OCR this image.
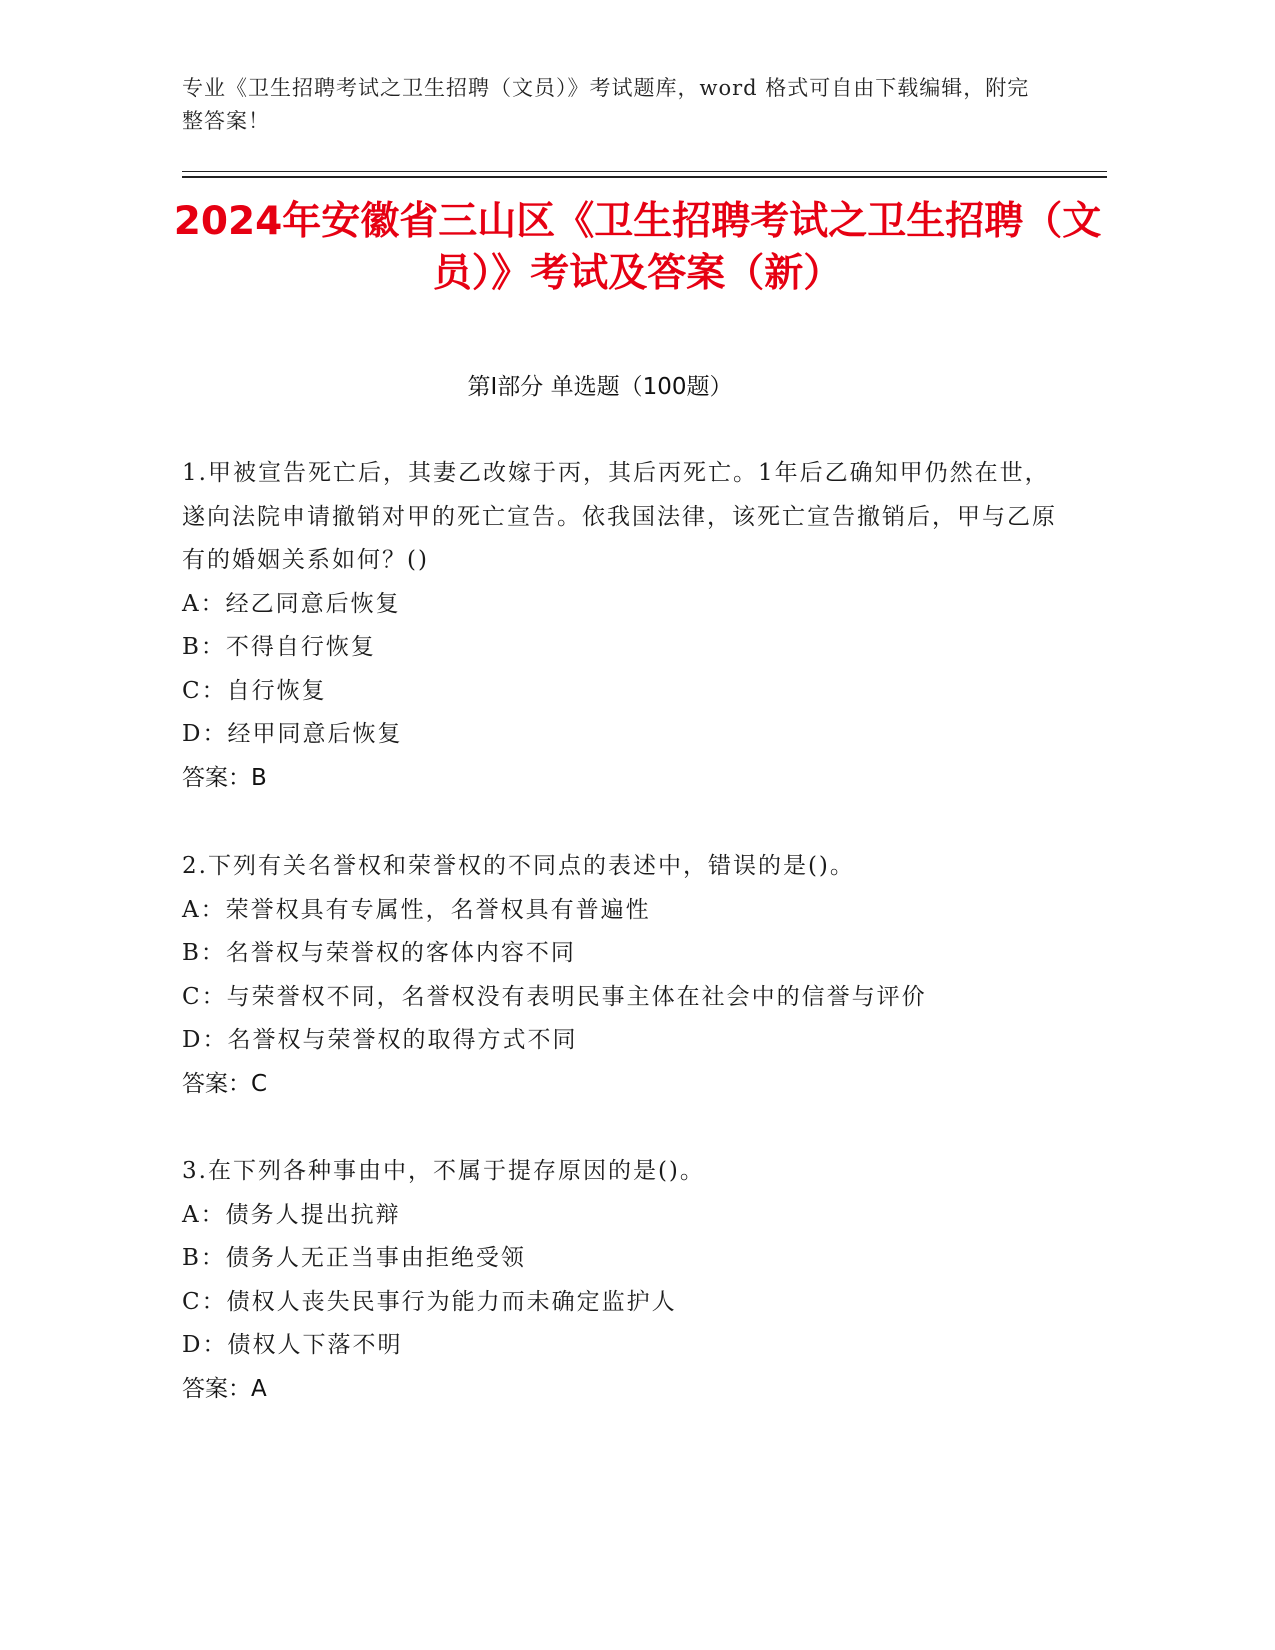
专业《卫生招聘考试之卫生招聘（文员）》考试题库，word 格式可自由下载编辑，附完整答案！
2024年安徽省三山区《卫生招聘考试之卫生招聘（文员）》考试及答案（新）
第Ⅰ部分 单选题（100题）
1.甲被宣告死亡后，其妻乙改嫁于丙，其后丙死亡。1年后乙确知甲仍然在世，遂向法院申请撤销对甲的死亡宣告。依我国法律，该死亡宣告撤销后，甲与乙原有的婚姻关系如何？()
A：经乙同意后恢复
B：不得自行恢复
C：自行恢复
D：经甲同意后恢复
答案：B
2.下列有关名誉权和荣誉权的不同点的表述中，错误的是()。
A：荣誉权具有专属性，名誉权具有普遍性
B：名誉权与荣誉权的客体内容不同
C：与荣誉权不同，名誉权没有表明民事主体在社会中的信誉与评价
D：名誉权与荣誉权的取得方式不同
答案：C
3.在下列各种事由中，不属于提存原因的是()。
A：债务人提出抗辩
B：债务人无正当事由拒绝受领
C：债权人丧失民事行为能力而未确定监护人
D：债权人下落不明
答案：A
